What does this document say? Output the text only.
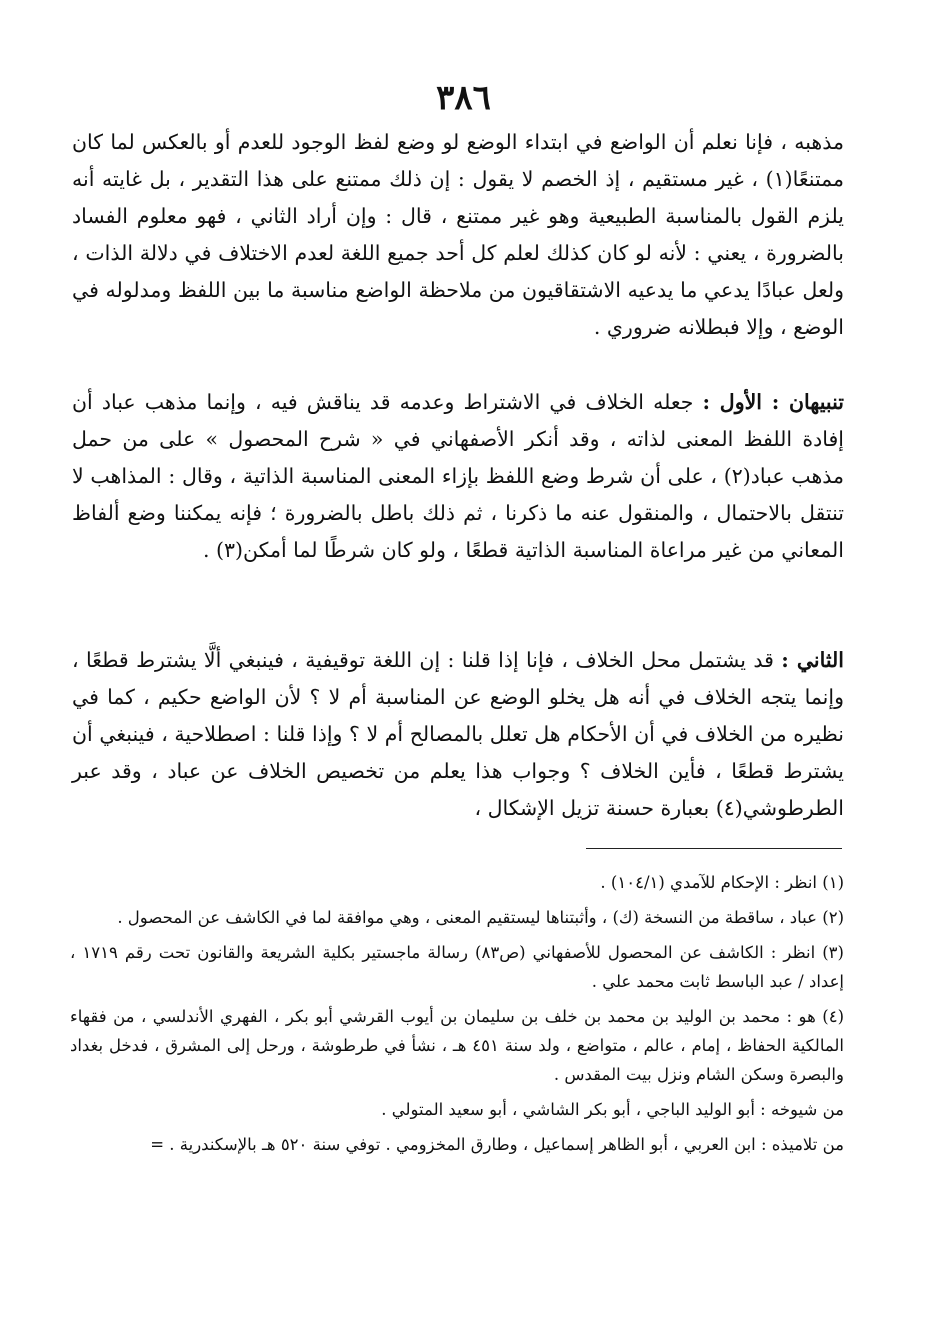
٣٨٦

مذهبه ، فإنا نعلم أن الواضع في ابتداء الوضع لو وضع لفظ الوجود للعدم أو بالعكس لما كان ممتنعًا(١) ، غير مستقيم ، إذ الخصم لا يقول : إن ذلك ممتنع على هذا التقدير ، بل غايته أنه يلزم القول بالمناسبة الطبيعية وهو غير ممتنع ، قال : وإن أراد الثاني ، فهو معلوم الفساد بالضرورة ، يعني : لأنه لو كان كذلك لعلم كل أحد جميع اللغة لعدم الاختلاف في دلالة الذات ، ولعل عبادًا يدعي ما يدعيه الاشتقاقيون من ملاحظة الواضع مناسبة ما بين اللفظ ومدلوله في الوضع ، وإلا فبطلانه ضروري .

تنبيهان : الأول : جعله الخلاف في الاشتراط وعدمه قد يناقش فيه ، وإنما مذهب عباد أن إفادة اللفظ المعنى لذاته ، وقد أنكر الأصفهاني في « شرح المحصول » على من حمل مذهب عباد(٢) ، على أن شرط وضع اللفظ بإزاء المعنى المناسبة الذاتية ، وقال : المذاهب لا تنتقل بالاحتمال ، والمنقول عنه ما ذكرنا ، ثم ذلك باطل بالضرورة ؛ فإنه يمكننا وضع ألفاظ المعاني من غير مراعاة المناسبة الذاتية قطعًا ، ولو كان شرطًا لما أمكن(٣) .

الثاني : قد يشتمل محل الخلاف ، فإنا إذا قلنا : إن اللغة توقيفية ، فينبغي ألَّا يشترط قطعًا ، وإنما يتجه الخلاف في أنه هل يخلو الوضع عن المناسبة أم لا ؟ لأن الواضع حكيم ، كما في نظيره من الخلاف في أن الأحكام هل تعلل بالمصالح أم لا ؟ وإذا قلنا : اصطلاحية ، فينبغي أن يشترط قطعًا ، فأين الخلاف ؟ وجواب هذا يعلم من تخصيص الخلاف عن عباد ، وقد عبر الطرطوشي(٤) بعبارة حسنة تزيل الإشكال ،

(١) انظر : الإحكام للآمدي (١٠٤/١) .

(٢) عباد ، ساقطة من النسخة (ك) ، وأثبتناها ليستقيم المعنى ، وهي موافقة لما في الكاشف عن المحصول .

(٣) انظر : الكاشف عن المحصول للأصفهاني (ص٨٣) رسالة ماجستير بكلية الشريعة والقانون تحت رقم ١٧١٩ ، إعداد / عبد الباسط ثابت محمد علي .

(٤) هو : محمد بن الوليد بن محمد بن خلف بن سليمان بن أيوب القرشي أبو بكر ، الفهري الأندلسي ، من فقهاء المالكية الحفاظ ، إمام ، عالم ، متواضع ، ولد سنة ٤٥١ هـ ، نشأ في طرطوشة ، ورحل إلى المشرق ، فدخل بغداد والبصرة وسكن الشام ونزل بيت المقدس .

من شيوخه : أبو الوليد الباجي ، أبو بكر الشاشي ، أبو سعيد المتولي .

من تلاميذه : ابن العربي ، أبو الظاهر إسماعيل ، وطارق المخزومي . توفي سنة ٥٢٠ هـ بالإسكندرية . =
